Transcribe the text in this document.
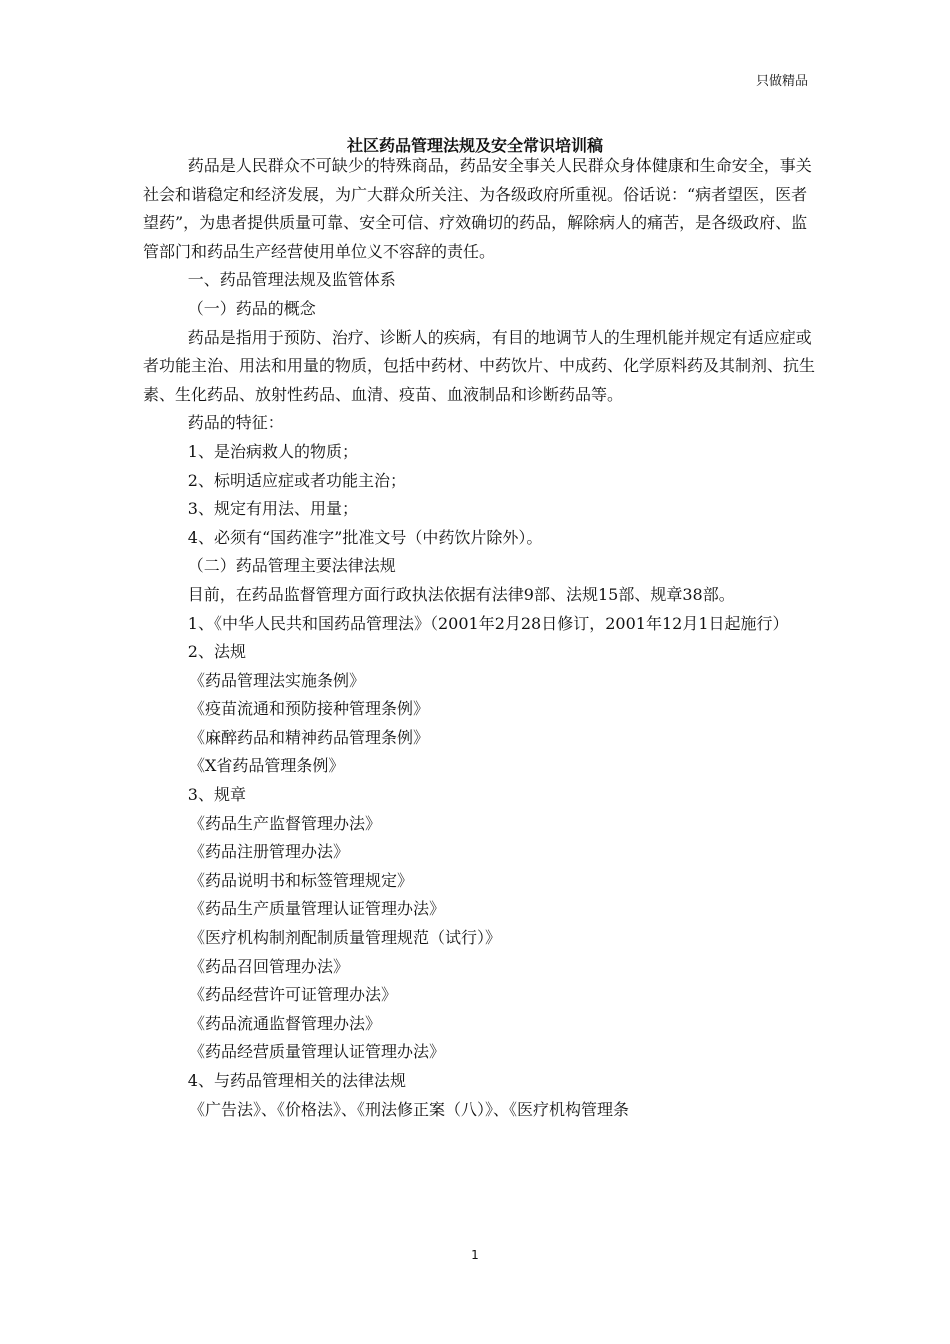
只做精品
社区药品管理法规及安全常识培训稿

药品是人民群众不可缺少的特殊商品，药品安全事关人民群众身体健康和生命安全，事关社会和谐稳定和经济发展，为广大群众所关注、为各级政府所重视。俗话说：“病者望医，医者望药”，为患者提供质量可靠、安全可信、疗效确切的药品，解除病人的痛苦，是各级政府、监管部门和药品生产经营使用单位义不容辞的责任。

一、药品管理法规及监管体系

（一）药品的概念

药品是指用于预防、治疗、诊断人的疾病，有目的地调节人的生理机能并规定有适应症或者功能主治、用法和用量的物质，包括中药材、中药饮片、中成药、化学原料药及其制剂、抗生素、生化药品、放射性药品、血清、疫苗、血液制品和诊断药品等。

药品的特征：

1、是治病救人的物质；

2、标明适应症或者功能主治；

3、规定有用法、用量；

4、必须有“国药准字”批准文号（中药饮片除外）。

（二）药品管理主要法律法规

目前，在药品监督管理方面行政执法依据有法律9部、法规15部、规章38部。

1、《中华人民共和国药品管理法》（2001年2月28日修订，2001年12月1日起施行）

2、法规

《药品管理法实施条例》

《疫苗流通和预防接种管理条例》

《麻醉药品和精神药品管理条例》

《X省药品管理条例》

3、规章

《药品生产监督管理办法》

《药品注册管理办法》

《药品说明书和标签管理规定》

《药品生产质量管理认证管理办法》

《医疗机构制剂配制质量管理规范（试行）》

《药品召回管理办法》

《药品经营许可证管理办法》

《药品流通监督管理办法》

《药品经营质量管理认证管理办法》

4、与药品管理相关的法律法规

《广告法》、《价格法》、《刑法修正案（八）》、《医疗机构管理条

1
